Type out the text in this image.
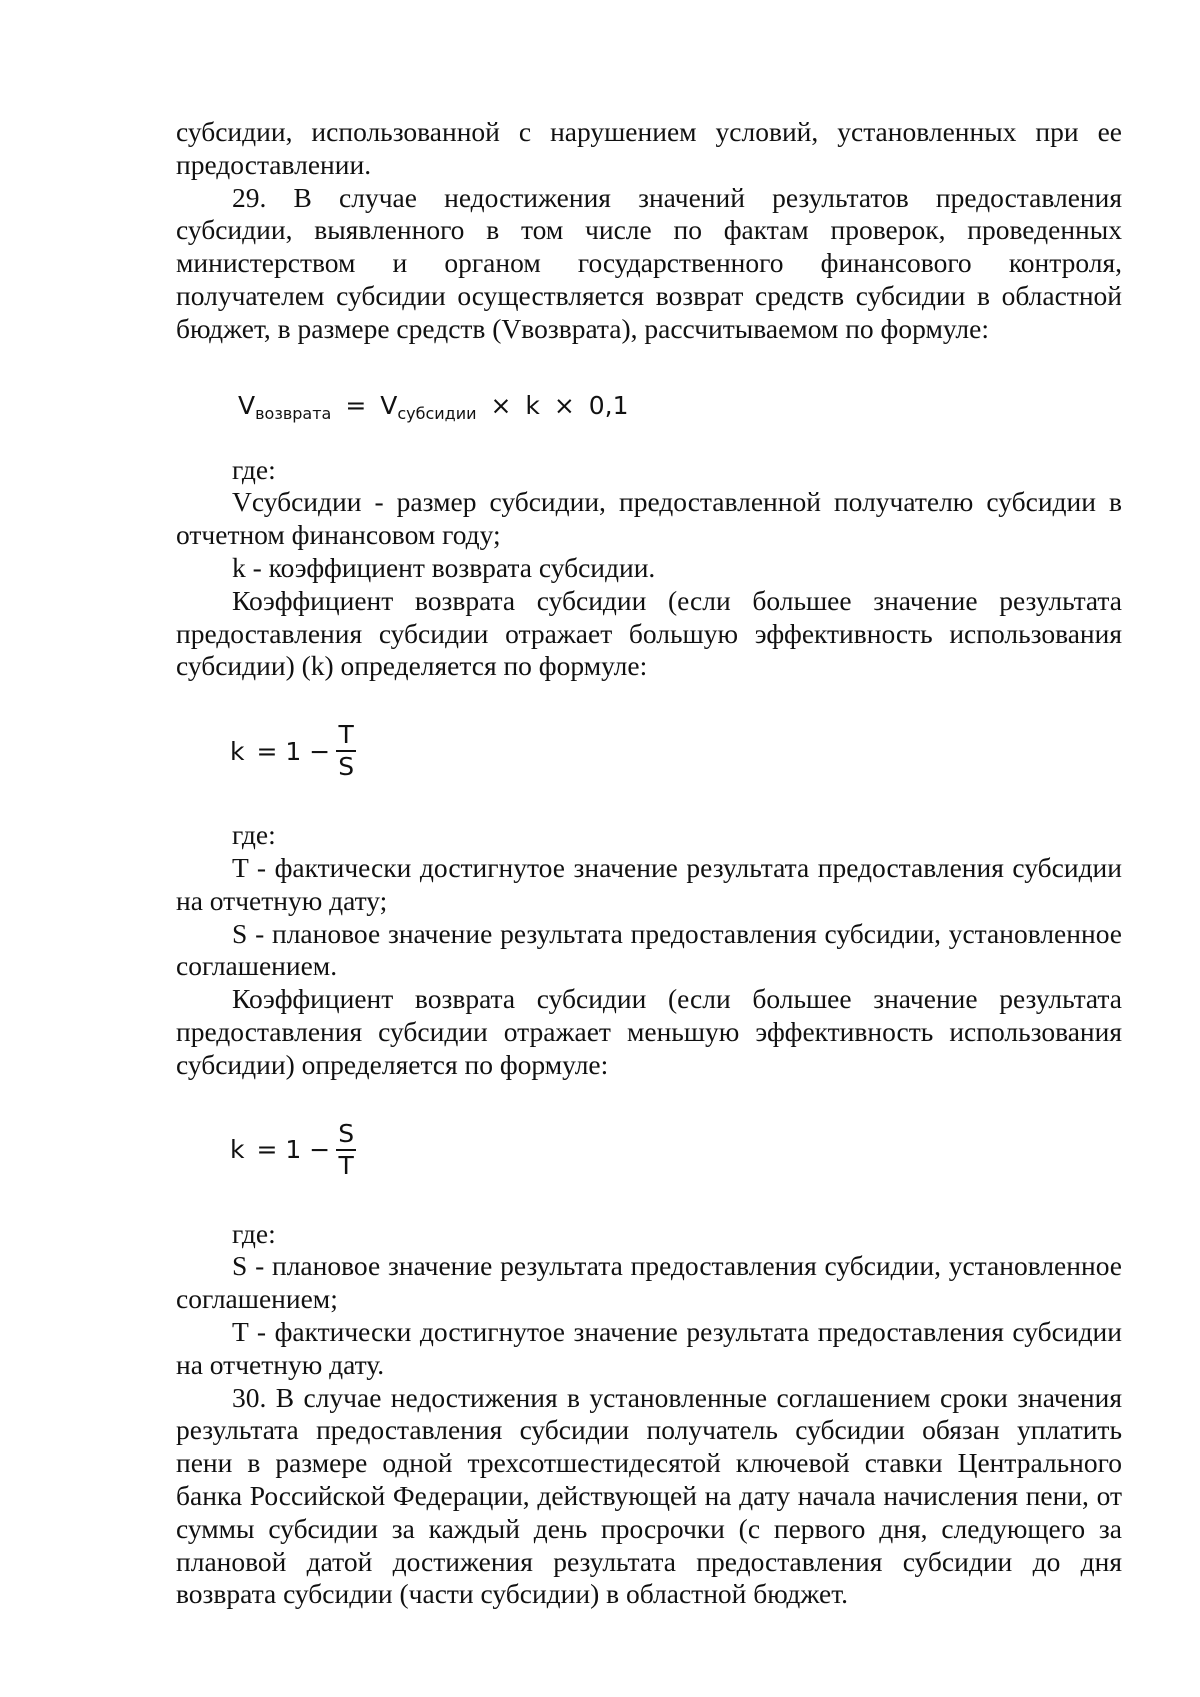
субсидии, использованной с нарушением условий, установленных при ее предоставлении.

29. В случае недостижения значений результатов предоставления субсидии, выявленного в том числе по фактам проверок, проведенных министерством и органом государственного финансового контроля, получателем субсидии осуществляется возврат средств субсидии в областной бюджет, в размере средств (Vвозврата), рассчитываемом по формуле:

$V_{возврата} = V_{субсидии} \times k \times 0,1$

где:

Vсубсидии - размер субсидии, предоставленной получателю субсидии в отчетном финансовом году;

k - коэффициент возврата субсидии.

Коэффициент возврата субсидии (если большее значение результата предоставления субсидии отражает большую эффективность использования субсидии) (k) определяется по формуле:

$k = 1 - \frac{T}{S}$

где:

T - фактически достигнутое значение результата предоставления субсидии на отчетную дату;

S - плановое значение результата предоставления субсидии, установленное соглашением.

Коэффициент возврата субсидии (если большее значение результата предоставления субсидии отражает меньшую эффективность использования субсидии) определяется по формуле:

$k = 1 - \frac{S}{T}$

где:

S - плановое значение результата предоставления субсидии, установленное соглашением;

T - фактически достигнутое значение результата предоставления субсидии на отчетную дату.

30. В случае недостижения в установленные соглашением сроки значения результата предоставления субсидии получатель субсидии обязан уплатить пени в размере одной трехсотшестидесятой ключевой ставки Центрального банка Российской Федерации, действующей на дату начала начисления пени, от суммы субсидии за каждый день просрочки (с первого дня, следующего за плановой датой достижения результата предоставления субсидии до дня возврата субсидии (части субсидии) в областной бюджет.
